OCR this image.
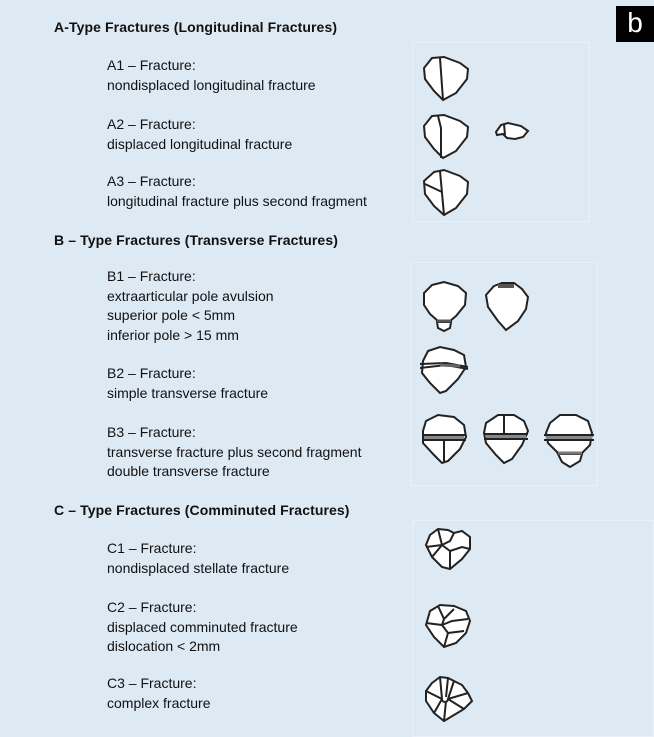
b
A-Type Fractures (Longitudinal Fractures)
A1 – Fracture:
nondisplaced longitudinal fracture
A2 – Fracture:
displaced longitudinal fracture
A3 – Fracture:
longitudinal fracture plus second fragment
B – Type Fractures (Transverse Fractures)
B1 – Fracture:
extraarticular pole avulsion
superior pole < 5mm
inferior pole > 15 mm
B2 – Fracture:
simple transverse fracture
B3 – Fracture:
transverse fracture plus second fragment
double transverse fracture
C – Type Fractures (Comminuted Fractures)
C1 – Fracture:
nondisplaced stellate fracture
C2 – Fracture:
displaced comminuted fracture
dislocation < 2mm
C3 – Fracture:
complex fracture
